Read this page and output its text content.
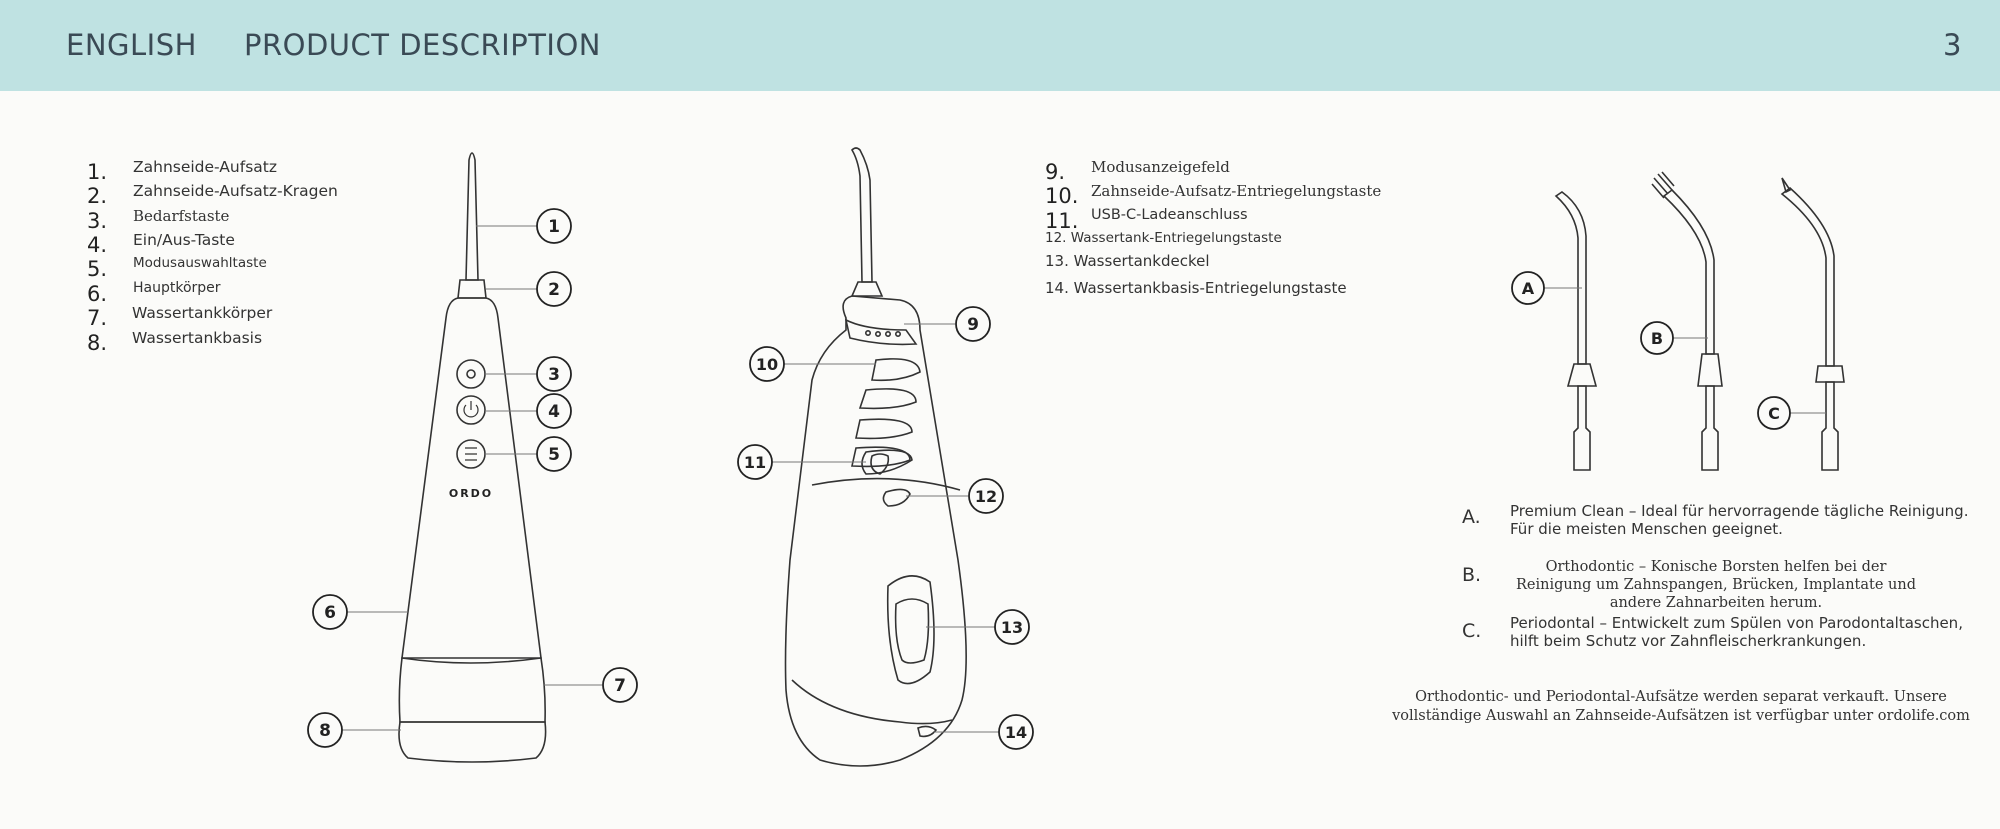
ENGLISH PRODUCT DESCRIPTION	3
1. Zahnseide-Aufsatz
2. Zahnseide-Aufsatz-Kragen
3. Bedarfstaste
4. Ein/Aus-Taste
5. Modusauswahltaste
6. Hauptkörper
7. Wassertankkörper
8. Wassertankbasis
9. Modusanzeigefeld
10. Zahnseide-Aufsatz-Entriegelungstaste
11. USB-C-Ladeanschluss
12. Wassertank-Entriegelungstaste
13. Wassertankdeckel
14. Wassertankbasis-Entriegelungstaste
ORDO
1
2
3
4
5
6
7
8
9
10
11
12
13
14
A
B
C
A. Premium Clean – Ideal für hervorragende tägliche Reinigung. Für die meisten Menschen geeignet.
B.	Orthodontic – Konische Borsten helfen bei der Reinigung um Zahnspangen, Brücken, Implantate und andere Zahnarbeiten herum.
C. Periodontal – Entwickelt zum Spülen von Parodontaltaschen, hilft beim Schutz vor Zahnfleischerkrankungen.
Orthodontic- und Periodontal-Aufsätze werden separat verkauft. Unsere vollständige Auswahl an Zahnseide-Aufsätzen ist verfügbar unter ordolife.com
